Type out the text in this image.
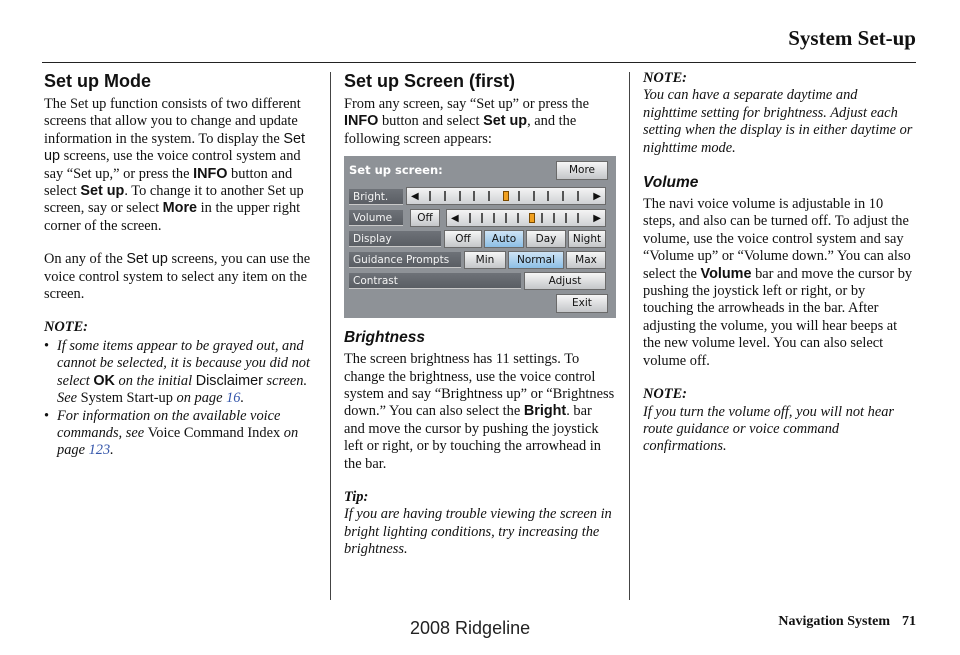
System Set-up
Set up Mode

The Set up function consists of two different screens that allow you to change and update information in the system. To display the Set up screens, use the voice control system and say “Set up,” or press the INFO button and select Set up. To change it to another Set up screen, say or select More in the upper right corner of the screen.

On any of the Set up screens, you can use the voice control system to select any item on the screen.

NOTE:
• If some items appear to be grayed out, and cannot be selected, it is because you did not select OK on the initial Disclaimer screen. See System Start-up on page 16.
• For information on the available voice commands, see Voice Command Index on page 123.
Set up Screen (first)

From any screen, say “Set up” or press the INFO button and select Set up, and the following screen appears:

Set up screen:	More
Bright.	◀	▶
Volume	Off	◀	▶
Display	Off	Auto	Day	Night
Guidance Prompts	Min	Normal	Max
Contrast	Adjust
Exit
Brightness

The screen brightness has 11 settings. To change the brightness, use the voice control system and say “Brightness up” or “Brightness down.” You can also select the Bright. bar and move the cursor by pushing the joystick left or right, or by touching the arrowhead in the bar.

Tip:
If you are having trouble viewing the screen in bright lighting conditions, try increasing the brightness.
NOTE:

You can have a separate daytime and nighttime setting for brightness. Adjust each setting when the display is in either daytime or nighttime mode.

Volume

The navi voice volume is adjustable in 10 steps, and also can be turned off. To adjust the volume, use the voice control system and say “Volume up” or “Volume down.” You can also select the Volume bar and move the cursor by pushing the joystick left or right, or by touching the arrowheads in the bar. After adjusting the volume, you will hear beeps at the new volume level. You can also select volume off.

NOTE:
If you turn the volume off, you will not hear route guidance or voice command confirmations.
Navigation System 71
2008 Ridgeline
